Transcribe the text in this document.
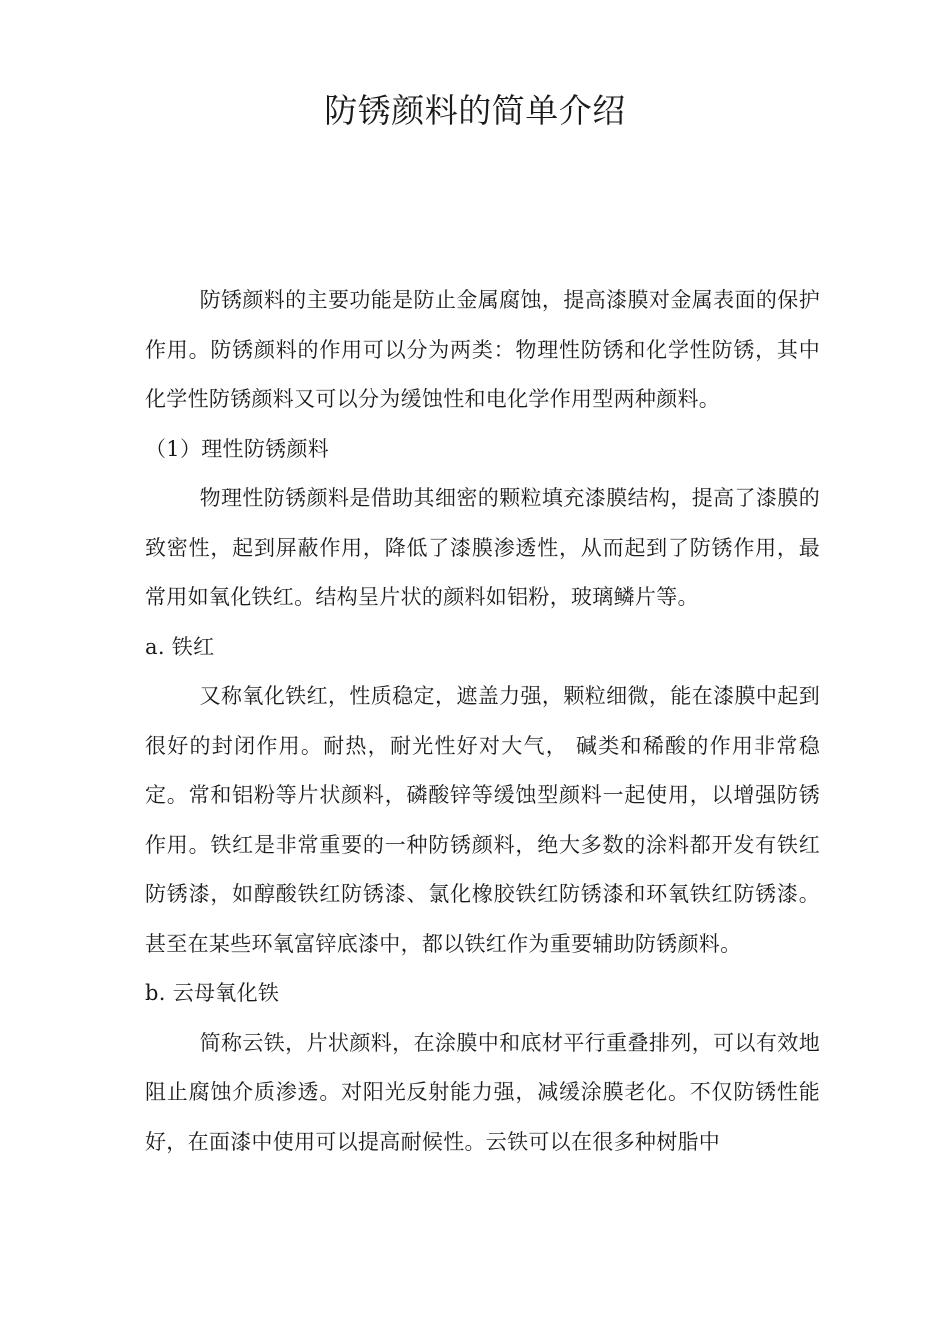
防锈颜料的简单介绍

防锈颜料的主要功能是防止金属腐蚀，提高漆膜对金属表面的保护作用。防锈颜料的作用可以分为两类：物理性防锈和化学性防锈，其中化学性防锈颜料又可以分为缓蚀性和电化学作用型两种颜料。

（1）理性防锈颜料

物理性防锈颜料是借助其细密的颗粒填充漆膜结构，提高了漆膜的致密性，起到屏蔽作用，降低了漆膜渗透性，从而起到了防锈作用，最常用如氧化铁红。结构呈片状的颜料如铝粉，玻璃鳞片等。

a. 铁红

又称氧化铁红，性质稳定，遮盖力强，颗粒细微，能在漆膜中起到很好的封闭作用。耐热，耐光性好对大气， 碱类和稀酸的作用非常稳定。常和铝粉等片状颜料，磷酸锌等缓蚀型颜料一起使用，以增强防锈作用。铁红是非常重要的一种防锈颜料，绝大多数的涂料都开发有铁红防锈漆，如醇酸铁红防锈漆、氯化橡胶铁红防锈漆和环氧铁红防锈漆。甚至在某些环氧富锌底漆中，都以铁红作为重要辅助防锈颜料。

b. 云母氧化铁

简称云铁，片状颜料，在涂膜中和底材平行重叠排列，可以有效地阻止腐蚀介质渗透。对阳光反射能力强，减缓涂膜老化。不仅防锈性能好，在面漆中使用可以提高耐候性。云铁可以在很多种树脂中
